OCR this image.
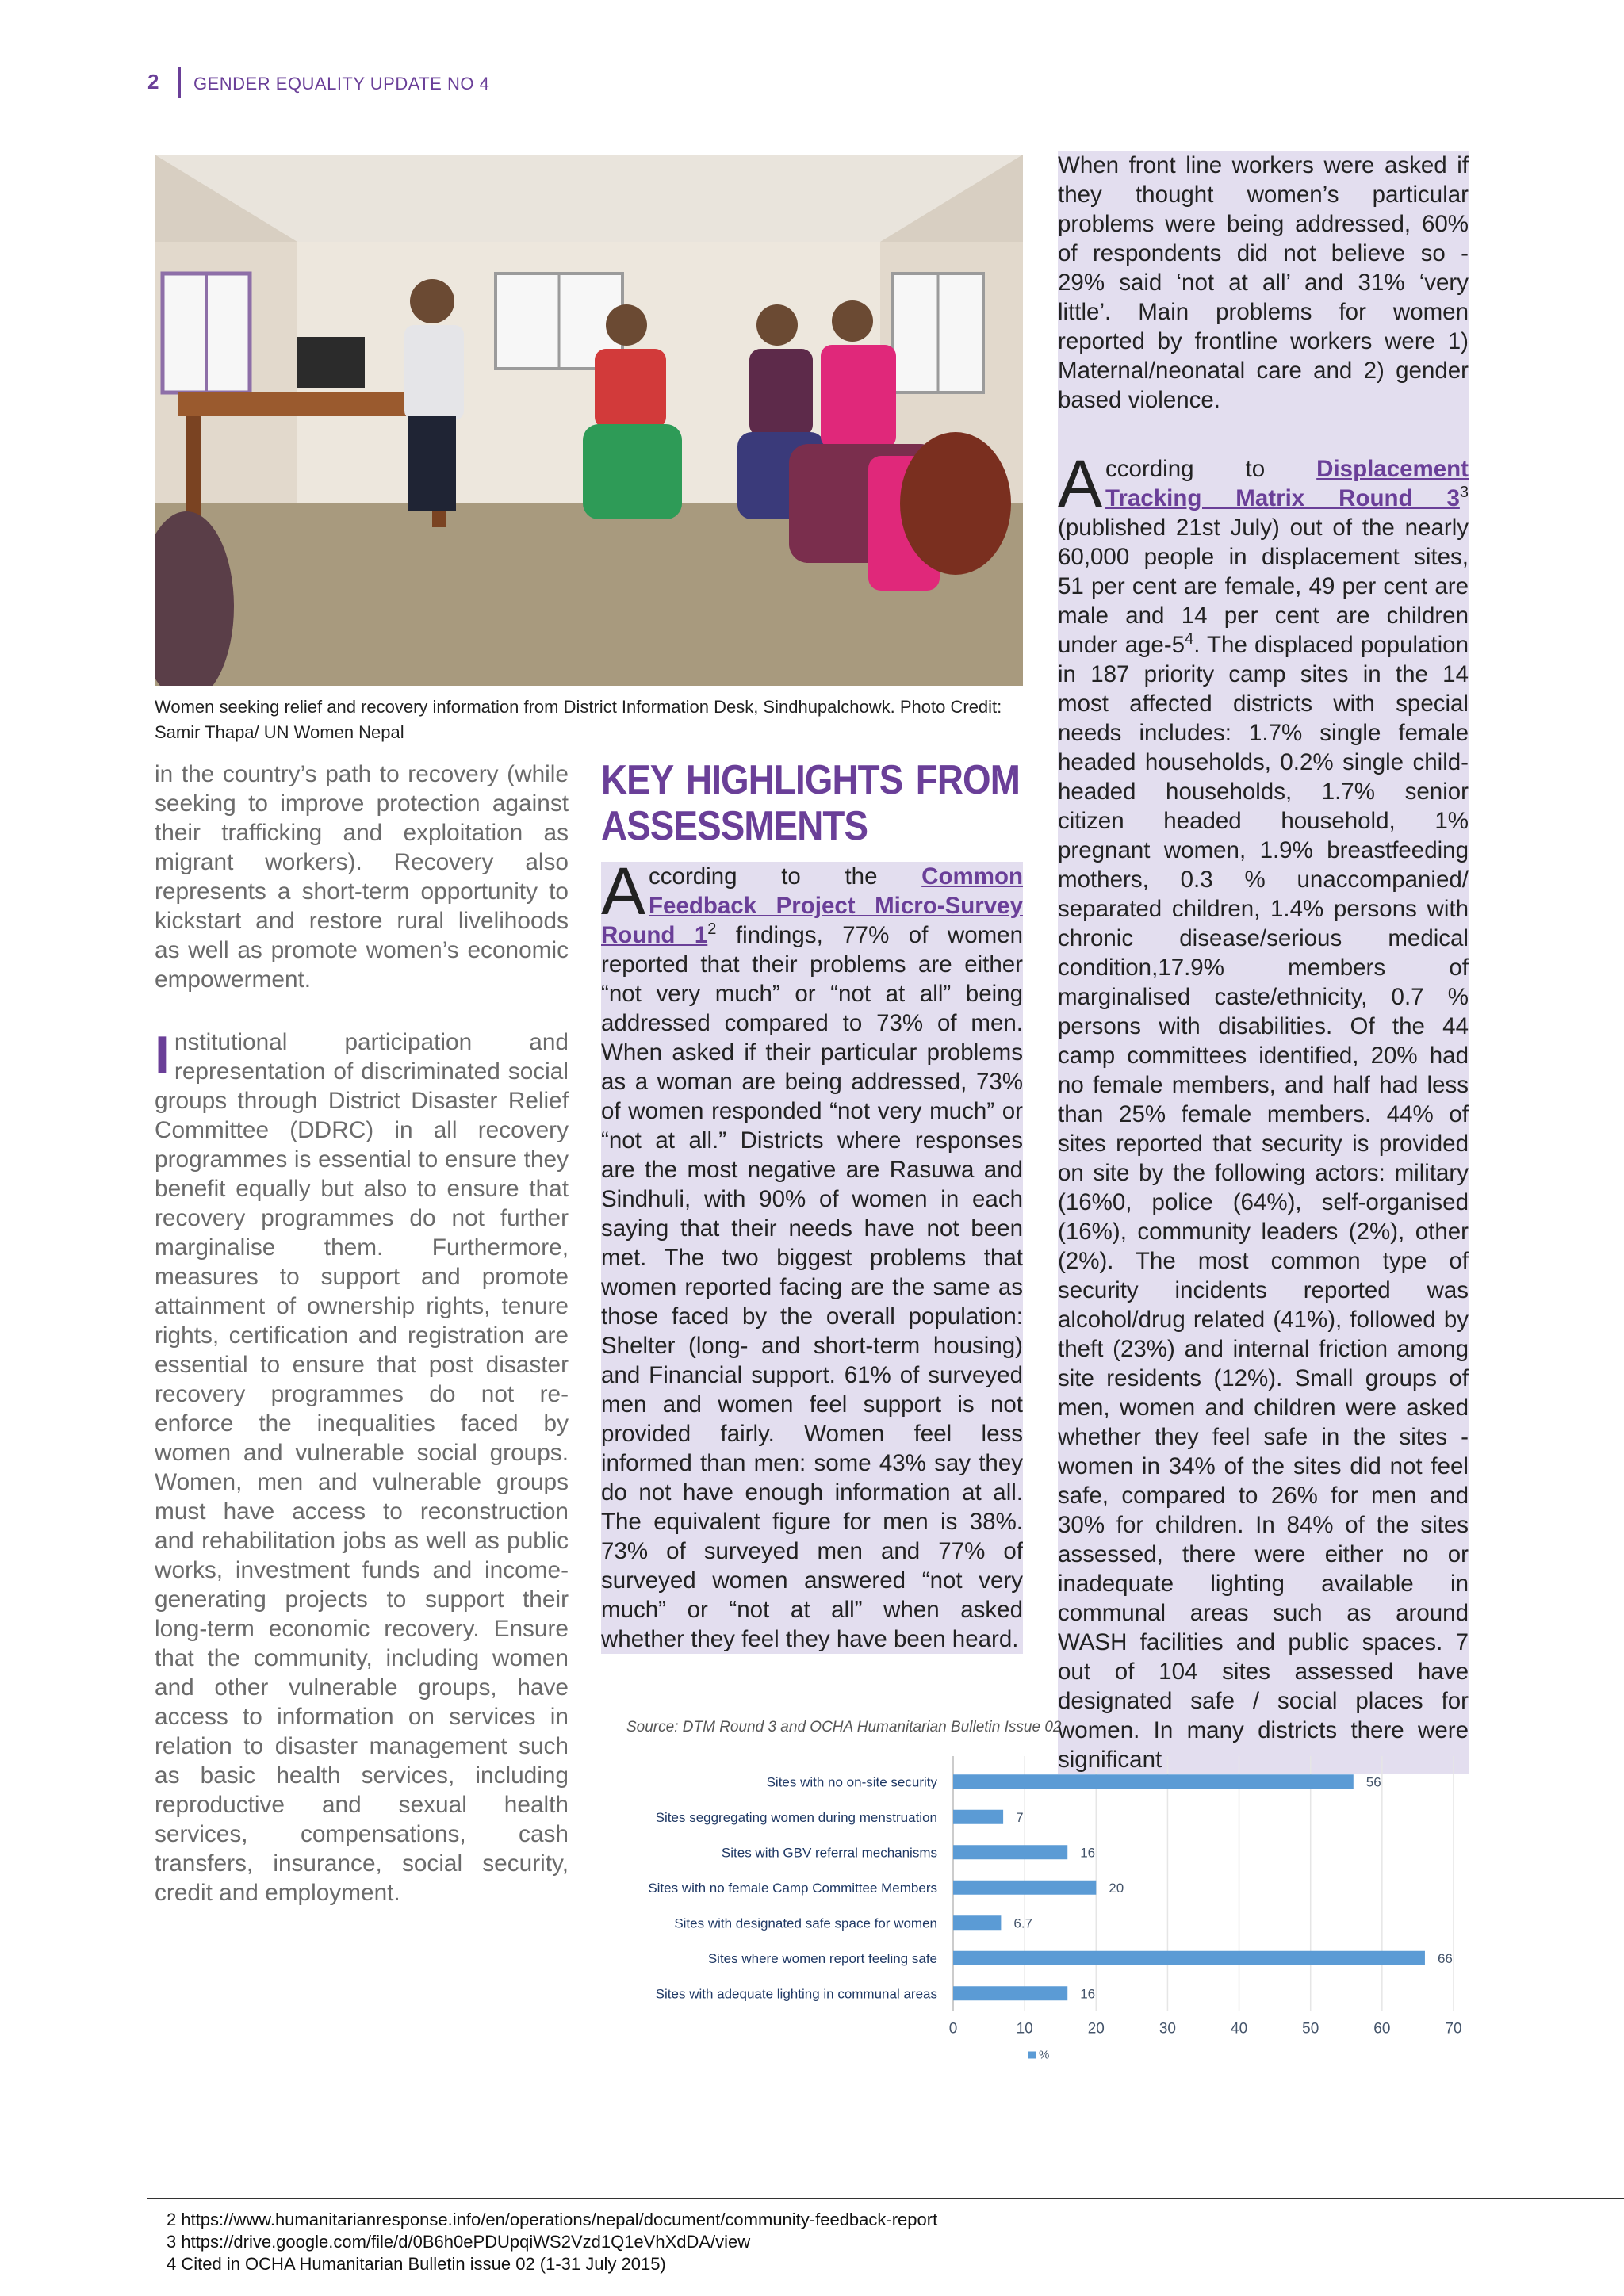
2 GENDER EQUALITY UPDATE NO 4
Women seeking relief and recovery information from District Information Desk, Sindhupalchowk. Photo Credit: Samir Thapa/ UN Women Nepal

in the country’s path to recovery (while seeking to improve protection against their trafficking and exploitation as migrant workers). Recovery also represents a short-term opportunity to kickstart and restore rural livelihoods as well as promote women’s economic empowerment.

Institutional participation and representation of discriminated social groups through District Disaster Relief Committee (DDRC) in all recovery programmes is essential to ensure they benefit equally but also to ensure that recovery programmes do not further marginalise them. Furthermore, measures to support and promote attainment of ownership rights, tenure rights, certification and registration are essential to ensure that post disaster recovery programmes do not re-enforce the inequalities faced by women and vulnerable social groups. Women, men and vulnerable groups must have access to reconstruction and rehabilitation jobs as well as public works, investment funds and income-generating projects to support their long-term economic recovery. Ensure that the community, including women and other vulnerable groups, have access to information on services in relation to disaster management such as basic health services, including reproductive and sexual health services, compensations, cash transfers, insurance, social security, credit and employment.

KEY HIGHLIGHTS FROM ASSESSMENTS

According to the Common Feedback Project Micro-Survey Round $1^2$ findings, 77% of women reported that their problems are either “not very much” or “not at all” being addressed compared to 73% of men. When asked if their particular problems as a woman are being addressed, 73% of women responded “not very much” or “not at all.” Districts where responses are the most negative are Rasuwa and Sindhuli, with 90% of women in each saying that their needs have not been met. The two biggest problems that women reported facing are the same as those faced by the overall population: Shelter (long- and short-term housing) and Financial support. 61% of surveyed men and women feel support is not provided fairly. Women feel less informed than men: some 43% say they do not have enough information at all. The equivalent figure for men is 38%. 73% of surveyed men and 77% of surveyed women answered “not very much” or “not at all” when asked whether they feel they have been heard.

When front line workers were asked if they thought women’s particular problems were being addressed, 60% of respondents did not believe so - 29% said ‘not at all’ and 31% ‘very little’. Main problems for women reported by frontline workers were 1) Maternal/neonatal care and 2) gender based violence.

According to Displacement Tracking Matrix Round $3^3$ (published 21st July) out of the nearly 60,000 people in displacement sites, 51 per cent are female, 49 per cent are male and 14 per cent are children under age-$5^4$. The displaced population in 187 priority camp sites in the 14 most affected districts with special needs includes: 1.7% single female headed households, 0.2% single child-headed households, 1.7% senior citizen headed household, 1% pregnant women, 1.9% breastfeeding mothers, 0.3 % unaccompanied/ separated children, 1.4% persons with chronic disease/serious medical condition,17.9% members of marginalised caste/ethnicity, 0.7 % persons with disabilities. Of the 44 camp committees identified, 20% had no female members, and half had less than 25% female members. 44% of sites reported that security is provided on site by the following actors: military (16%0, police (64%), self-organised (16%), community leaders (2%), other (2%). The most common type of security incidents reported was alcohol/drug related (41%), followed by theft (23%) and internal friction among site residents (12%). Small groups of men, women and children were asked whether they feel safe in the sites - women in 34% of the sites did not feel safe, compared to 26% for men and 30% for children. In 84% of the sites assessed, there were either no or inadequate lighting available in communal areas such as around WASH facilities and public spaces. 7 out of 104 sites assessed have designated safe / social places for women. In many districts there were significant

Source: DTM Round 3 and OCHA Humanitarian Bulletin Issue 02
0	10	20	30	40	50	60	70
Sites with no on-site security	56
Sites seggregating women during menstruation	7
Sites with GBV referral mechanisms	16
Sites with no female Camp Committee Members	20
Sites with designated safe space for women	6.7
Sites where women report feeling safe	66
Sites with adequate lighting in communal areas	16
%
2 https://www.humanitarianresponse.info/en/operations/nepal/document/community-feedback-report
3 https://drive.google.com/file/d/0B6h0ePDUpqiWS2Vzd1Q1eVhXdDA/view
4 Cited in OCHA Humanitarian Bulletin issue 02 (1-31 July 2015)
